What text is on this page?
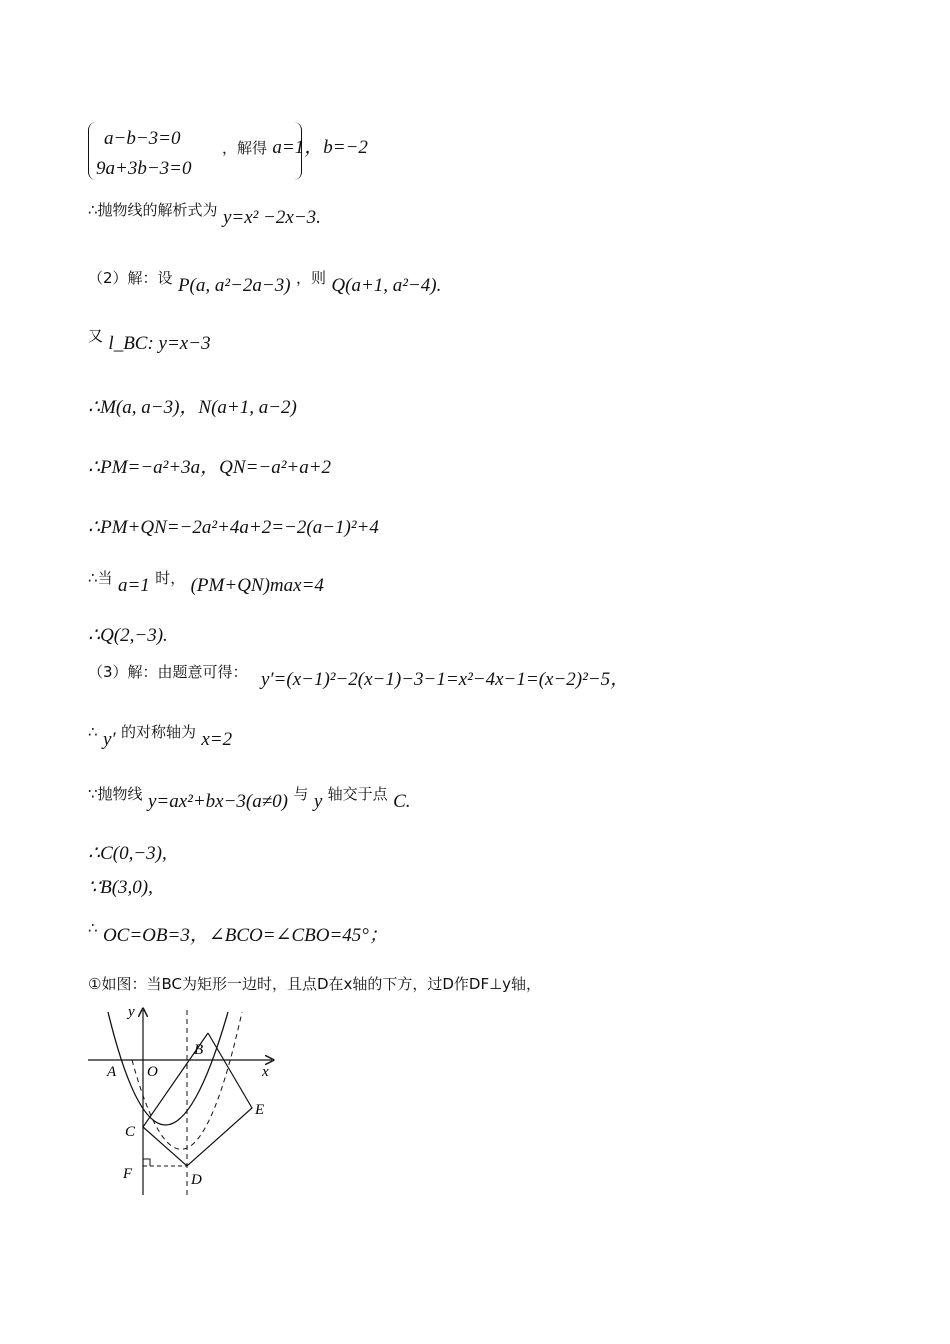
a−b−3=0
9a+3b−3=0
，解得 a=1，b=−2
∴抛物线的解析式为 y=x² −2x−3.
（2）解：设 P(a, a²−2a−3) ，则 Q(a+1, a²−4).
又 l_BC: y=x−3
∴M(a, a−3)，N(a+1, a−2)
∴PM=−a²+3a，QN=−a²+a+2
∴PM+QN=−2a²+4a+2=−2(a−1)²+4
∴当 a=1 时， (PM+QN)max=4
∴Q(2,−3).
（3）解：由题意可得： y′=(x−1)²−2(x−1)−3−1=x²−4x−1=(x−2)²−5，
∴ y′ 的对称轴为 x=2
∵抛物线 y=ax²+bx−3(a≠0) 与 y 轴交于点 C.
∴C(0,−3),
∵B(3,0),
∴ OC=OB=3，∠BCO=∠CBO=45°；
①如图：当BC为矩形一边时，且点D在x轴的下方，过D作DF⊥y轴，
y
x
A O
B
C
D
E
F
